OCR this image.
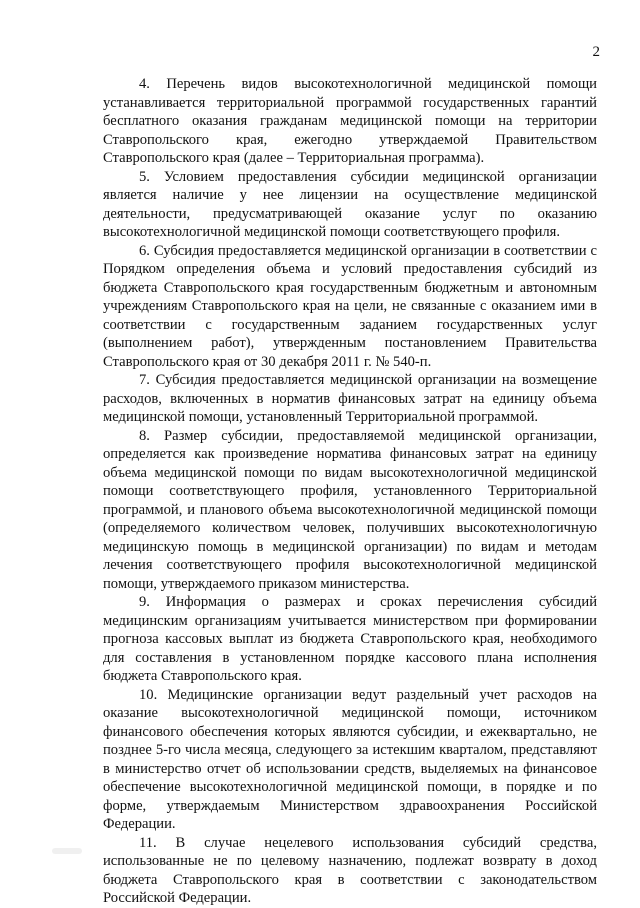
2

4. Перечень видов высокотехнологичной медицинской помощи устанавливается территориальной программой государственных гарантий бесплатного оказания гражданам медицинской помощи на территории Ставропольского края, ежегодно утверждаемой Правительством Ставропольского края (далее – Территориальная программа).

5. Условием предоставления субсидии медицинской организации является наличие у нее лицензии на осуществление медицинской деятельности, предусматривающей оказание услуг по оказанию высокотехнологичной медицинской помощи соответствующего профиля.

6. Субсидия предоставляется медицинской организации в соответствии с Порядком определения объема и условий предоставления субсидий из бюджета Ставропольского края государственным бюджетным и автономным учреждениям Ставропольского края на цели, не связанные с оказанием ими в соответствии с государственным заданием государственных услуг (выполнением работ), утвержденным постановлением Правительства Ставропольского края от 30 декабря 2011 г. № 540-п.

7. Субсидия предоставляется медицинской организации на возмещение расходов, включенных в норматив финансовых затрат на единицу объема медицинской помощи, установленный Территориальной программой.

8. Размер субсидии, предоставляемой медицинской организации, определяется как произведение норматива финансовых затрат на единицу объема медицинской помощи по видам высокотехнологичной медицинской помощи соответствующего профиля, установленного Территориальной программой, и планового объема высокотехнологичной медицинской помощи (определяемого количеством человек, получивших высокотехнологичную медицинскую помощь в медицинской организации) по видам и методам лечения соответствующего профиля высокотехнологичной медицинской помощи, утверждаемого приказом министерства.

9. Информация о размерах и сроках перечисления субсидий медицинским организациям учитывается министерством при формировании прогноза кассовых выплат из бюджета Ставропольского края, необходимого для составления в установленном порядке кассового плана исполнения бюджета Ставропольского края.

10. Медицинские организации ведут раздельный учет расходов на оказание высокотехнологичной медицинской помощи, источником финансового обеспечения которых являются субсидии, и ежеквартально, не позднее 5-го числа месяца, следующего за истекшим кварталом, представляют в министерство отчет об использовании средств, выделяемых на финансовое обеспечение высокотехнологичной медицинской помощи, в порядке и по форме, утверждаемым Министерством здравоохранения Российской Федерации.

11. В случае нецелевого использования субсидий средства, использованные не по целевому назначению, подлежат возврату в доход бюджета Ставропольского края в соответствии с законодательством Российской Федерации.
